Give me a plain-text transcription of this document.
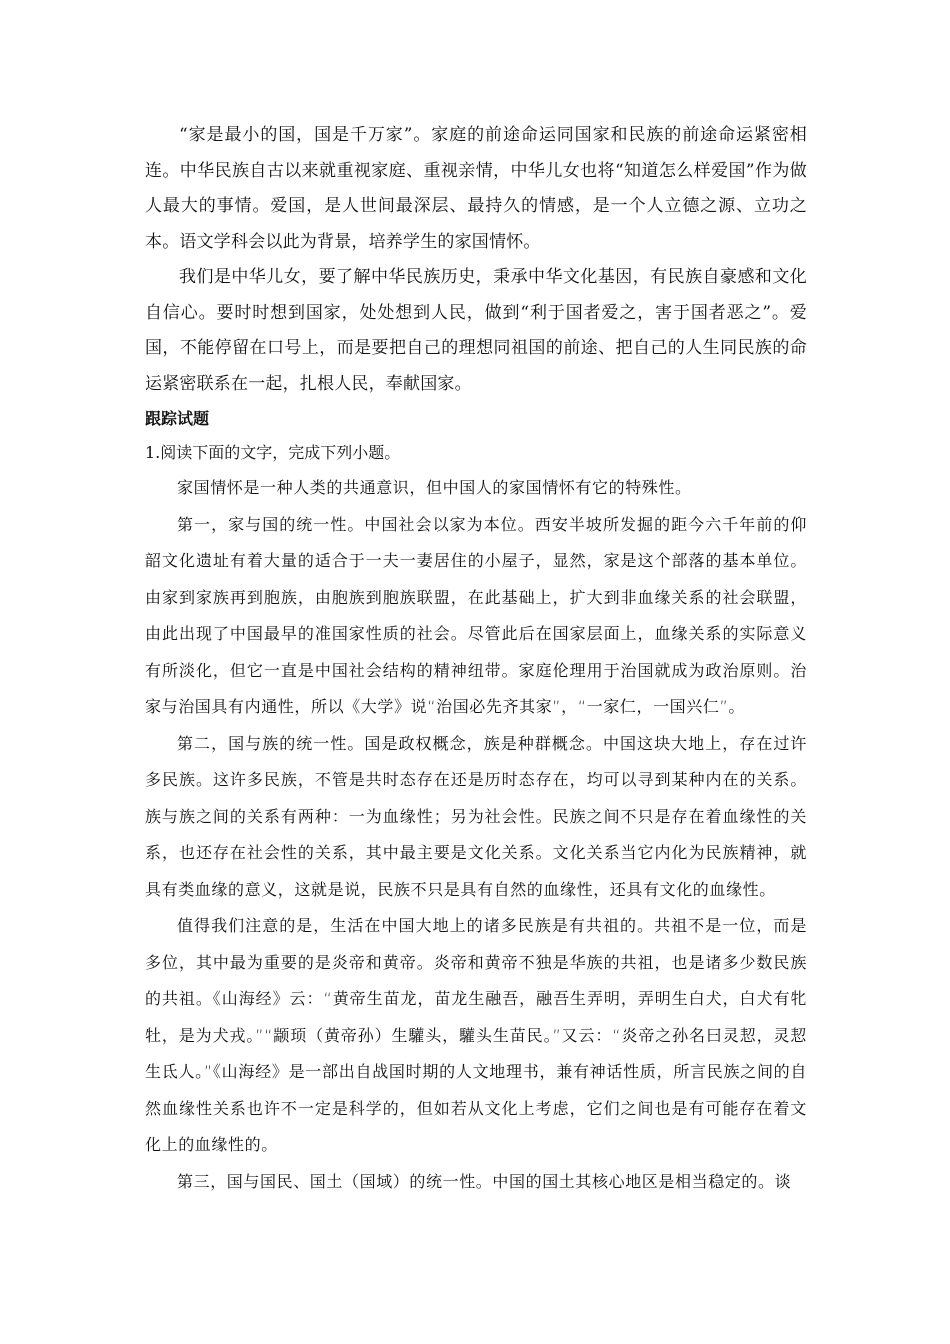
“家是最小的国，国是千万家”。家庭的前途命运同国家和民族的前途命运紧密相连。中华民族自古以来就重视家庭、重视亲情，中华儿女也将“知道怎么样爱国”作为做人最大的事情。爱国，是人世间最深层、最持久的情感，是一个人立德之源、立功之本。语文学科会以此为背景，培养学生的家国情怀。

我们是中华儿女，要了解中华民族历史，秉承中华文化基因，有民族自豪感和文化自信心。要时时想到国家，处处想到人民，做到“利于国者爱之，害于国者恶之”。爱国，不能停留在口号上，而是要把自己的理想同祖国的前途、把自己的人生同民族的命运紧密联系在一起，扎根人民，奉献国家。

跟踪试题
1.阅读下面的文字，完成下列小题。

家国情怀是一种人类的共通意识，但中国人的家国情怀有它的特殊性。

第一，家与国的统一性。中国社会以家为本位。西安半坡所发掘的距今六千年前的仰韶文化遗址有着大量的适合于一夫一妻居住的小屋子，显然，家是这个部落的基本单位。由家到家族再到胞族，由胞族到胞族联盟，在此基础上，扩大到非血缘关系的社会联盟，由此出现了中国最早的准国家性质的社会。尽管此后在国家层面上，血缘关系的实际意义有所淡化，但它一直是中国社会结构的精神纽带。家庭伦理用于治国就成为政治原则。治家与治国具有内通性，所以《大学》说“治国必先齐其家”，“一家仁，一国兴仁”。

第二，国与族的统一性。国是政权概念，族是种群概念。中国这块大地上，存在过许多民族。这许多民族，不管是共时态存在还是历时态存在，均可以寻到某种内在的关系。族与族之间的关系有两种：一为血缘性；另为社会性。民族之间不只是存在着血缘性的关系，也还存在社会性的关系，其中最主要是文化关系。文化关系当它内化为民族精神，就具有类血缘的意义，这就是说，民族不只是具有自然的血缘性，还具有文化的血缘性。

值得我们注意的是，生活在中国大地上的诸多民族是有共祖的。共祖不是一位，而是多位，其中最为重要的是炎帝和黄帝。炎帝和黄帝不独是华族的共祖，也是诸多少数民族的共祖。《山海经》云：“黄帝生苗龙，苗龙生融吾，融吾生弄明，弄明生白犬，白犬有牝牡，是为犬戎。”“颛顼（黄帝孙）生驩头，驩头生苗民。”又云：“炎帝之孙名曰灵恝，灵恝生氐人。”《山海经》是一部出自战国时期的人文地理书，兼有神话性质，所言民族之间的自然血缘性关系也许不一定是科学的，但如若从文化上考虑，它们之间也是有可能存在着文化上的血缘性的。

第三，国与国民、国土（国域）的统一性。中国的国土其核心地区是相当稳定的。谈
